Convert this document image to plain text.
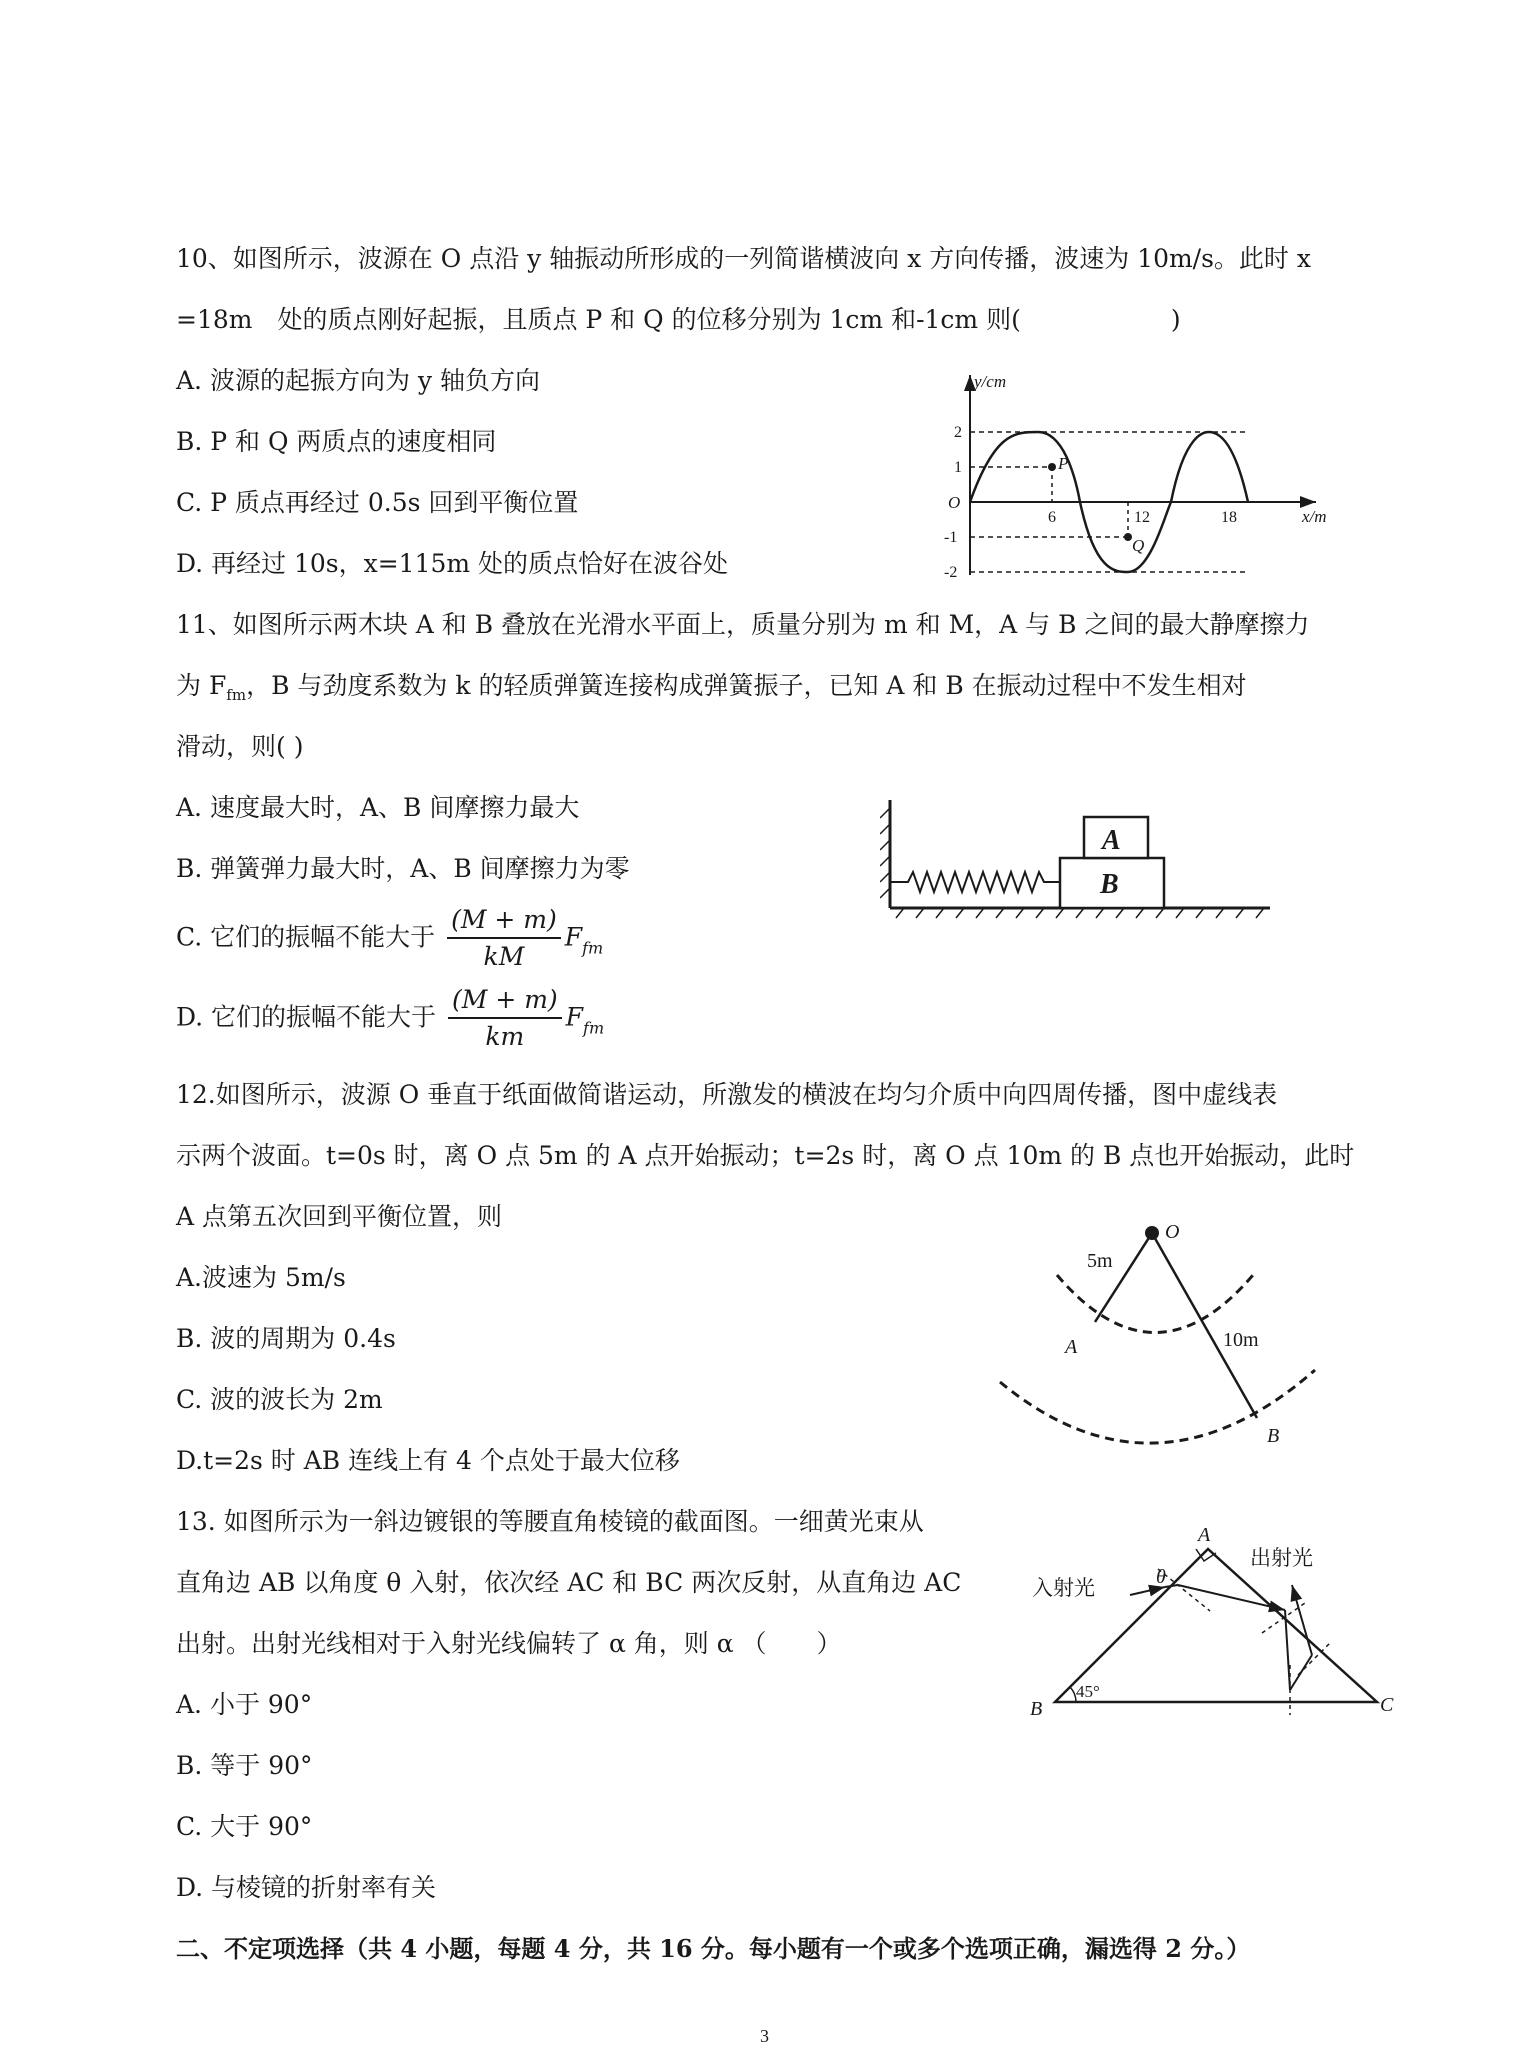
10、如图所示，波源在 O 点沿 y 轴振动所形成的一列简谐横波向 x 方向传播，波速为 10m/s。此时 x
=18m　处的质点刚好起振，且质点 P 和 Q 的位移分别为 1cm 和-1cm 则(　　　　　　)
A. 波源的起振方向为 y 轴负方向
B. P 和 Q 两质点的速度相同
C. P 质点再经过 0.5s 回到平衡位置
D. 再经过 10s，x=115m 处的质点恰好在波谷处
y/cm
x/m
O
2
1
-1
-2
6	12	18
P
Q
11、如图所示两木块 A 和 B 叠放在光滑水平面上，质量分别为 m 和 M，A 与 B 之间的最大静摩擦力
为 $F_{fm}$，B 与劲度系数为 k 的轻质弹簧连接构成弹簧振子，已知 A 和 B 在振动过程中不发生相对
滑动，则( )
A. 速度最大时，A、B 间摩擦力最大
B. 弹簧弹力最大时，A、B 间摩擦力为零
C. 它们的振幅不能大于 $\frac{(M + m)}{kM} F_{fm}$
D. 它们的振幅不能大于 $\frac{(M + m)}{km} F_{fm}$
A
B
12.如图所示，波源 O 垂直于纸面做简谐运动，所激发的横波在均匀介质中向四周传播，图中虚线表
示两个波面。t=0s 时，离 O 点 5m 的 A 点开始振动；t=2s 时，离 O 点 10m 的 B 点也开始振动，此时
A 点第五次回到平衡位置，则
A.波速为 5m/s
B. 波的周期为 0.4s
C. 波的波长为 2m
D.t=2s 时 AB 连线上有 4 个点处于最大位移
O
5m
10m
A
B
13. 如图所示为一斜边镀银的等腰直角棱镜的截面图。一细黄光束从
直角边 AB 以角度 θ 入射，依次经 AC 和 BC 两次反射，从直角边 AC
出射。出射光线相对于入射光线偏转了 α 角，则 α （　　）
A. 小于 90°
B. 等于 90°
C. 大于 90°
D. 与棱镜的折射率有关
A
B	C
θ
45°
入射光
出射光
二、不定项选择（共 4 小题，每题 4 分，共 16 分。每小题有一个或多个选项正确，漏选得 2 分。）
3
